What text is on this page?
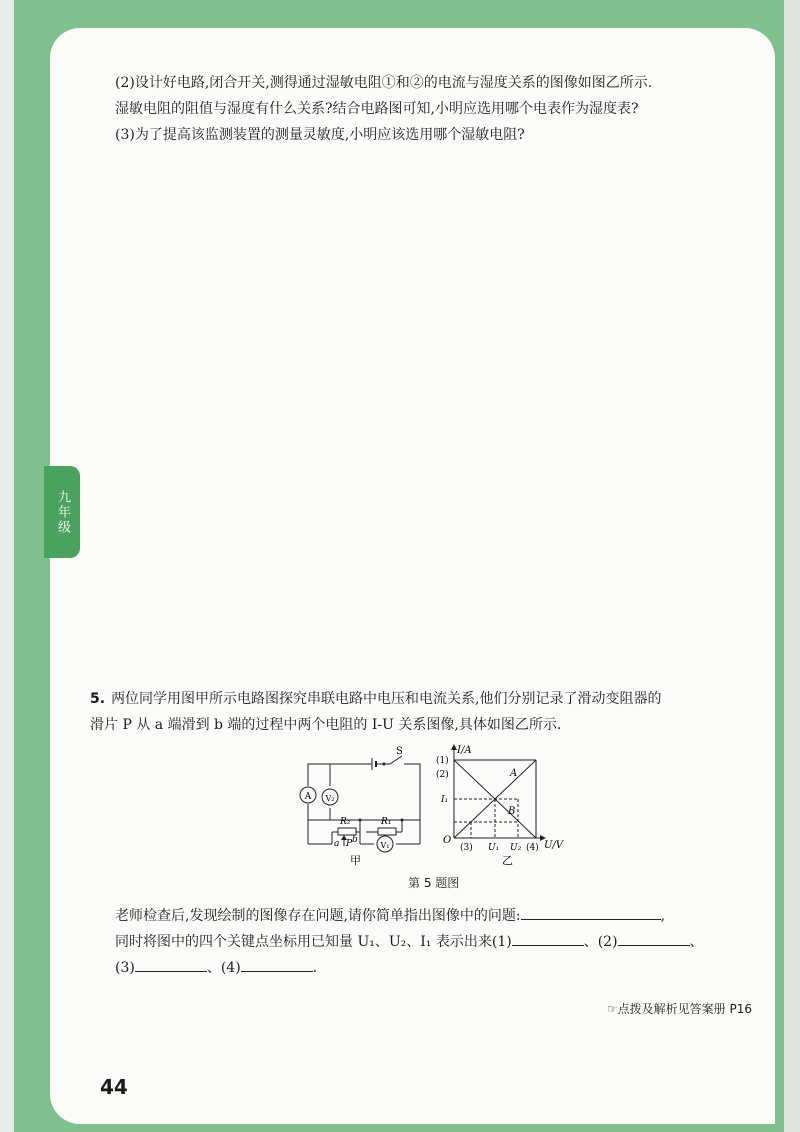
九年级

(2)设计好电路,闭合开关,测得通过湿敏电阻①和②的电流与湿度关系的图像如图乙所示.

湿敏电阻的阻值与湿度有什么关系?结合电路图可知,小明应选用哪个电表作为湿度表?

(3)为了提高该监测装置的测量灵敏度,小明应该选用哪个湿敏电阻?

5. 两位同学用图甲所示电路图探究串联电路中电压和电流关系,他们分别记录了滑动变阻器的

滑片 P 从 a 端滑到 b 端的过程中两个电阻的 I-U 关系图像,具体如图乙所示.

A V₂
V₁
S
R₂	R₁
a P b
甲
I/A
U/V
O
(1)
(2)
I₁
(3) U₁ U₂ (4)
A
B
乙
第 5 题图

老师检查后,发现绘制的图像存在问题,请你简单指出图像中的问题:	,

同时将图中的四个关键点坐标用已知量 U₁、U₂、I₁ 表示出来(1)	、(2)	、

(3)	、(4)	.

☞点拨及解析见答案册 P16
44
